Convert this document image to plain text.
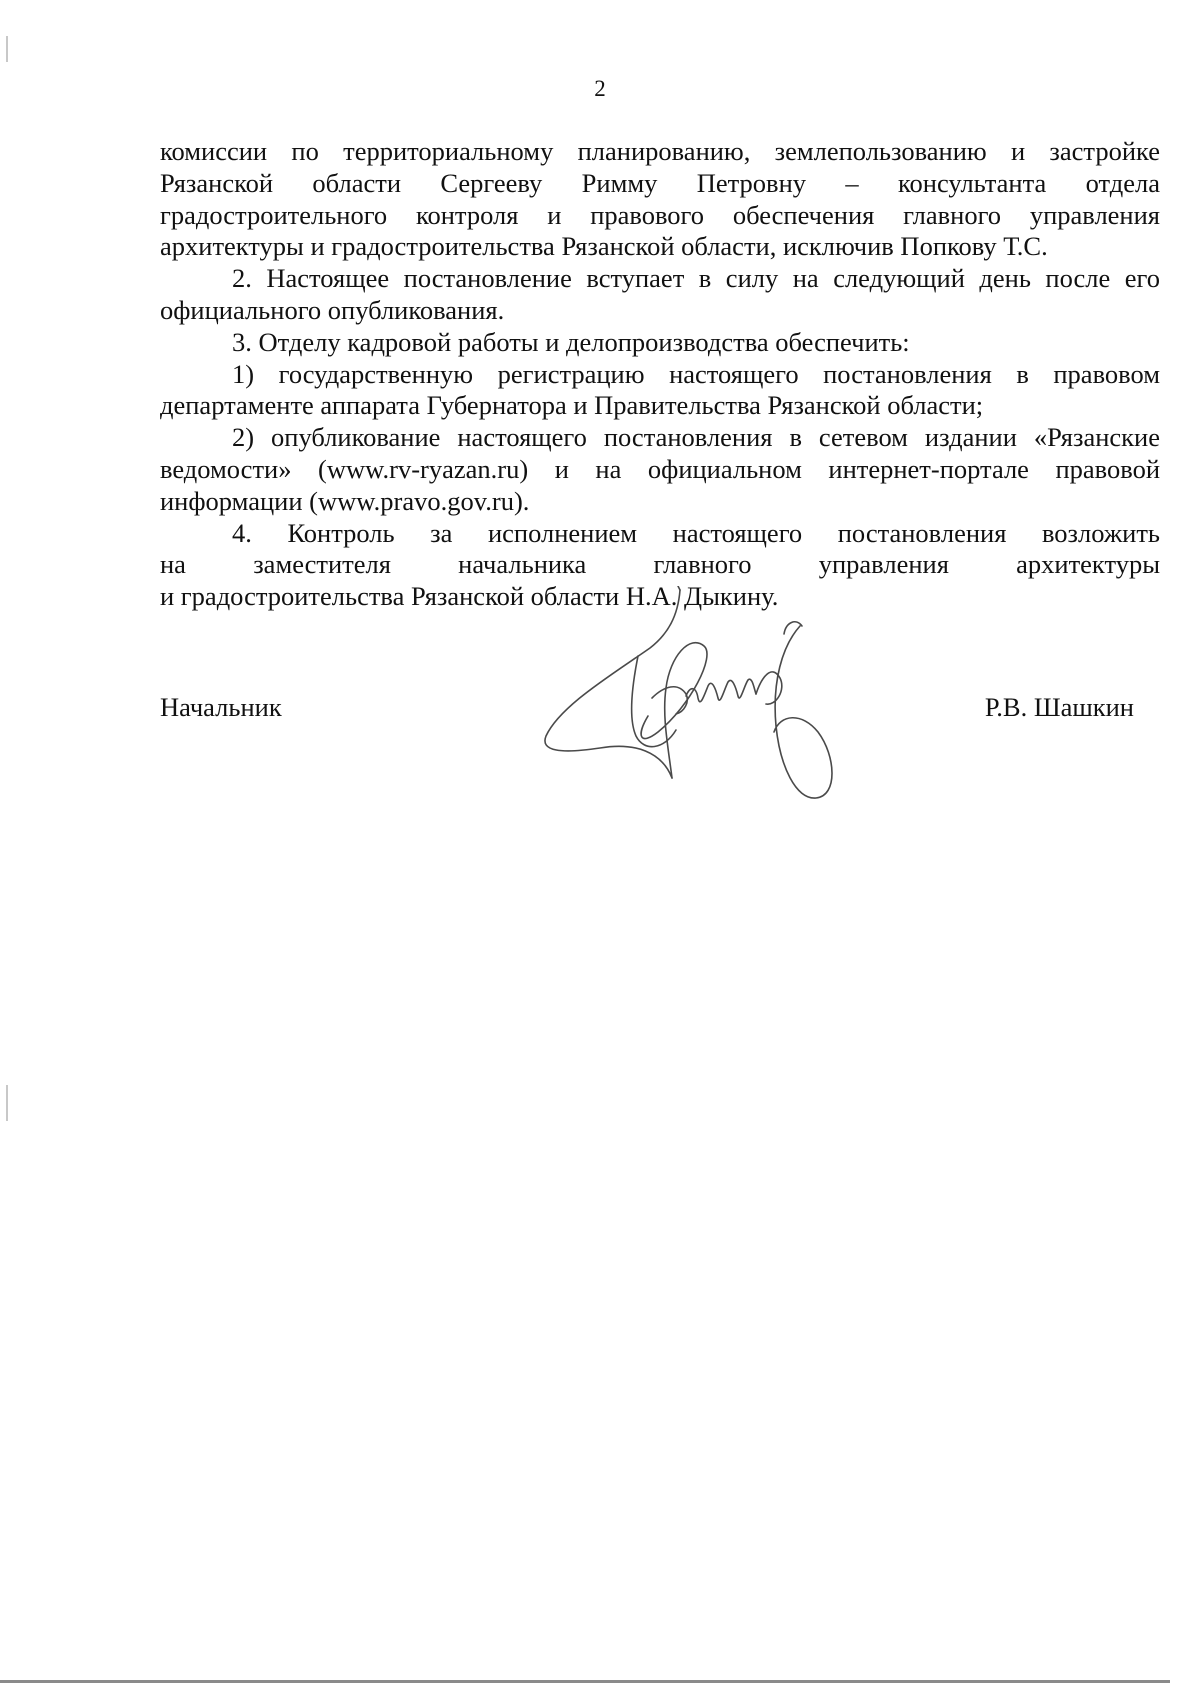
2

комиссии по территориальному планированию, землепользованию и застройке Рязанской области Сергееву Римму Петровну – консультанта отдела градостроительного контроля и правового обеспечения главного управления архитектуры и градостроительства Рязанской области, исключив Попкову Т.С.

2. Настоящее постановление вступает в силу на следующий день после его официального опубликования.

3. Отделу кадровой работы и делопроизводства обеспечить:

1) государственную регистрацию настоящего постановления в правовом департаменте аппарата Губернатора и Правительства Рязанской области;

2) опубликование настоящего постановления в сетевом издании «Рязанские ведомости» (www.rv-ryazan.ru) и на официальном интернет-портале правовой информации (www.pravo.gov.ru).

4. Контроль за исполнением настоящего постановления возложить

на заместителя начальника главного управления архитектуры

и градостроительства Рязанской области Н.А. Дыкину.

Начальник	Р.В. Шашкин
